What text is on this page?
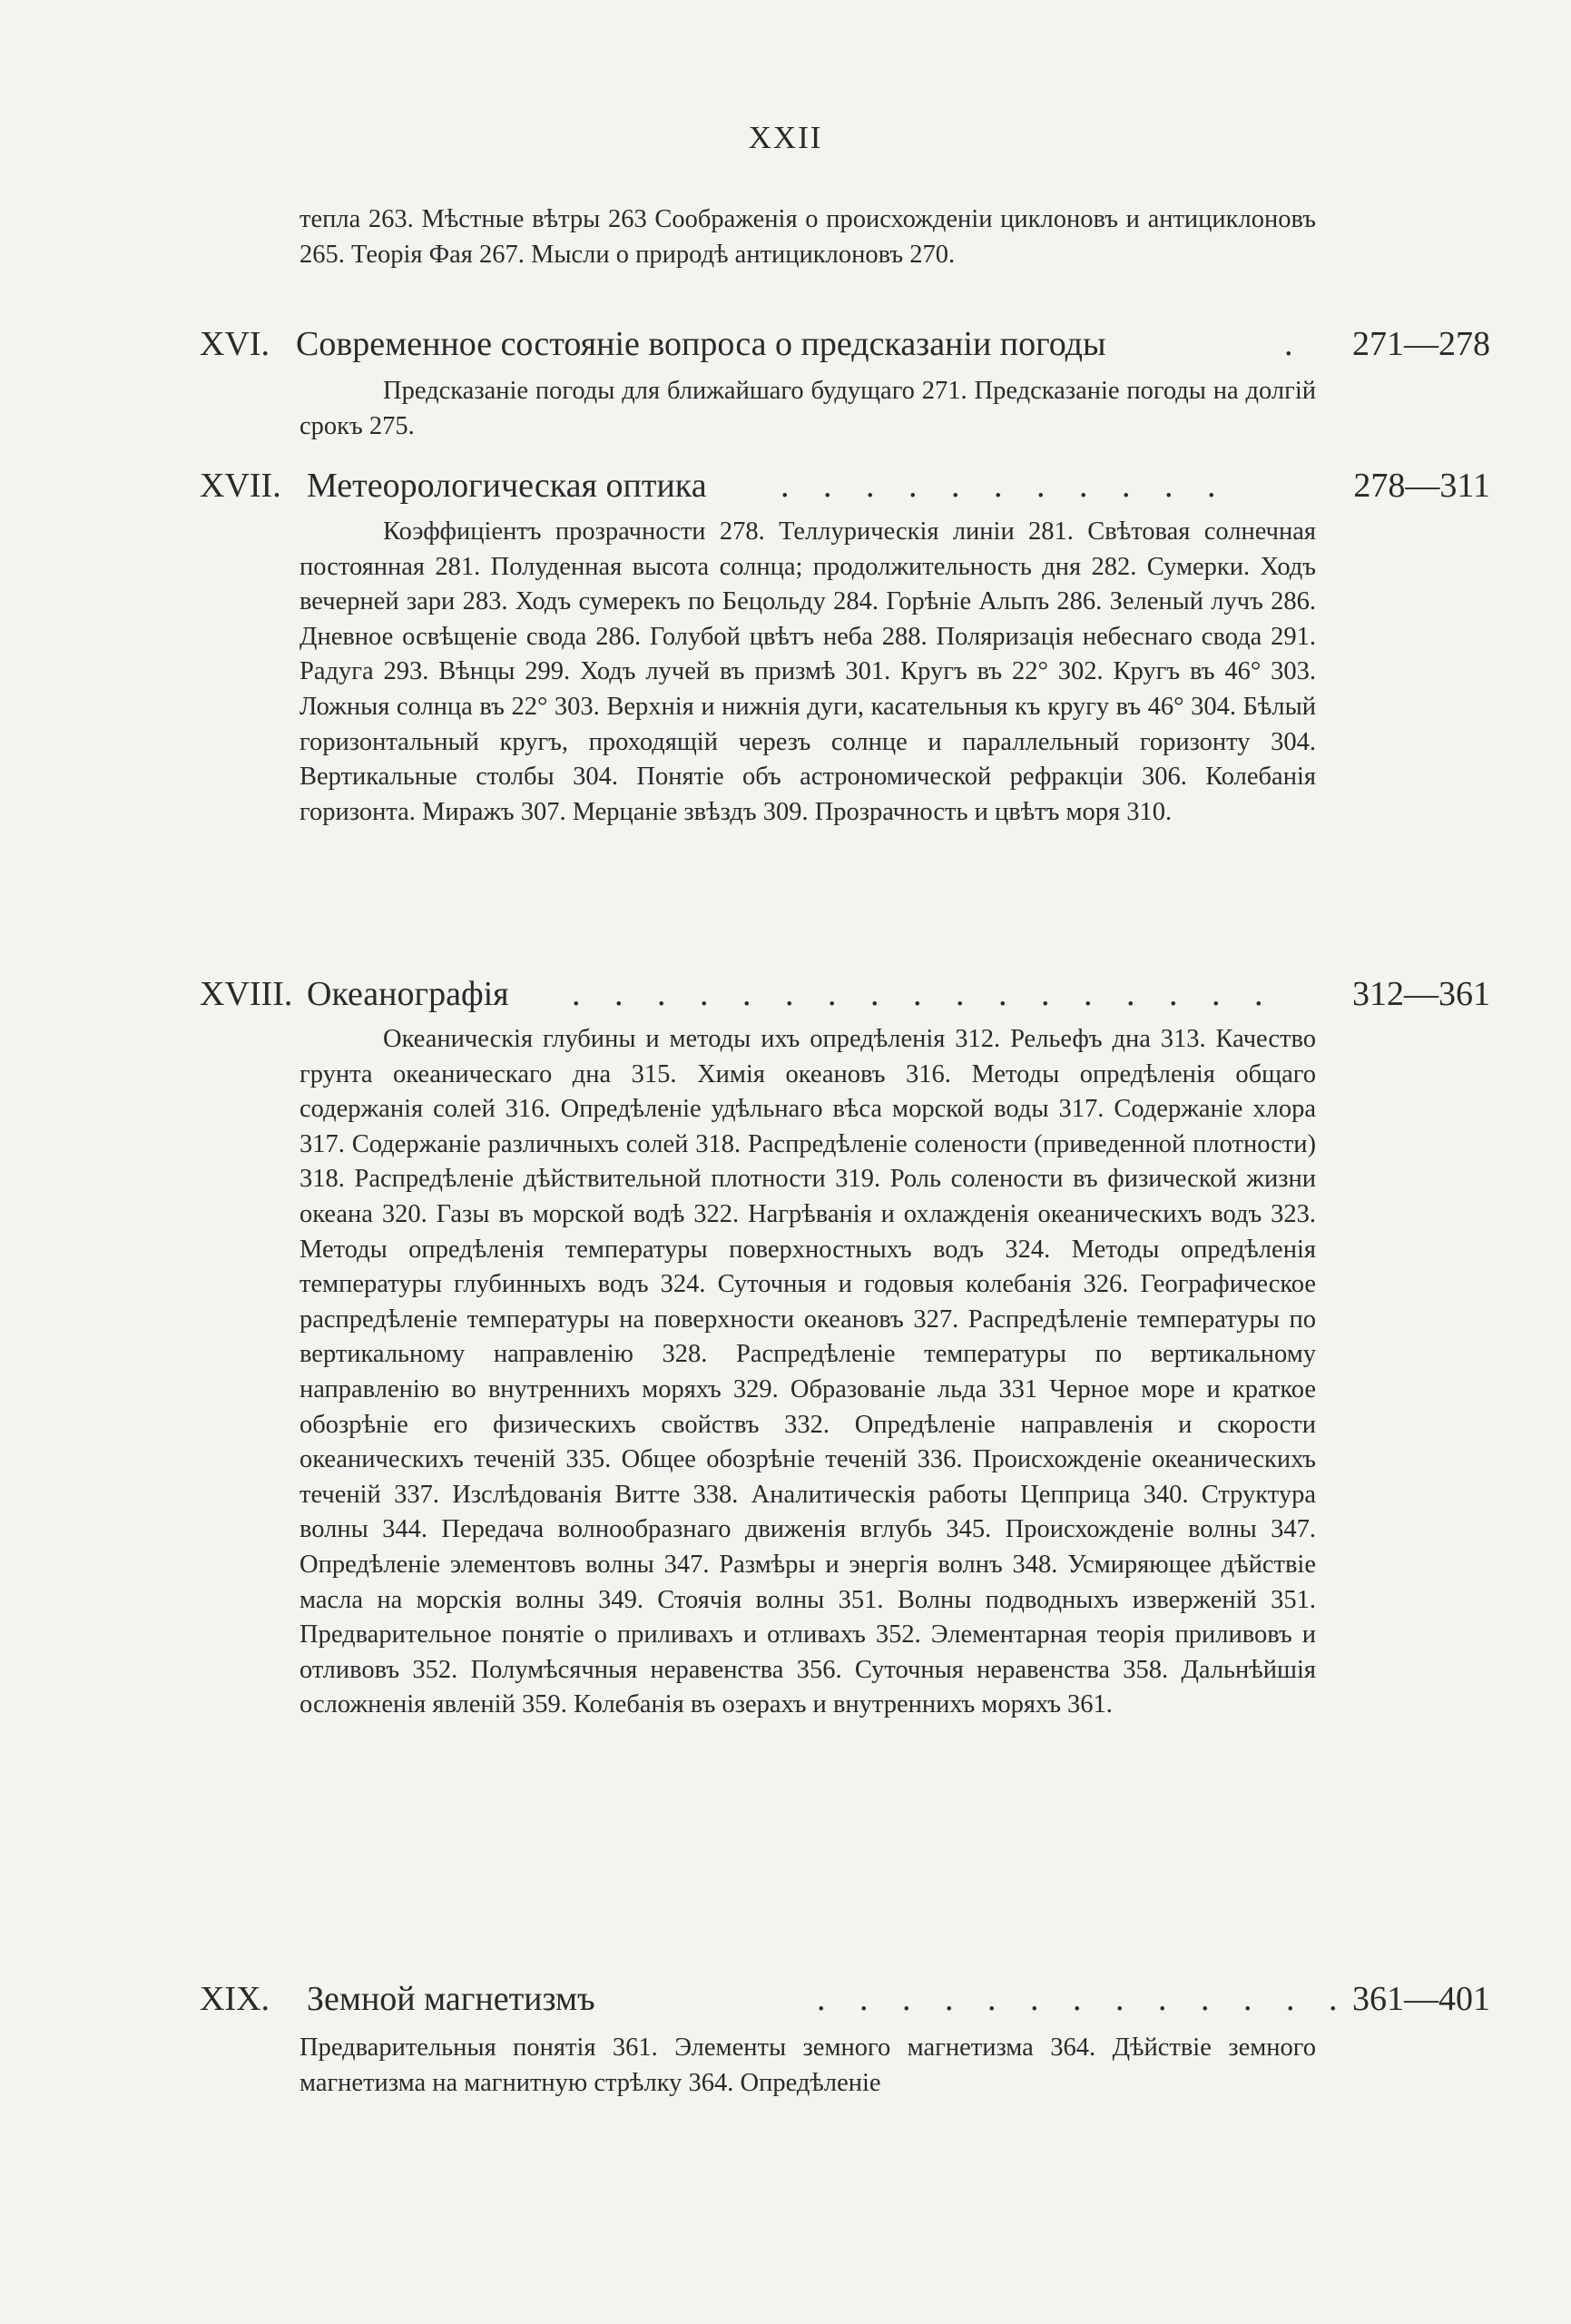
XXII
тепла 263. Мѣстные вѣтры 263 Соображенія о происхожденіи циклоновъ и антициклоновъ 265. Теорія Фая 267. Мысли о природѣ антициклоновъ 270.
XVI. Современное состояніе вопроса о предсказаніи погоды	. 271—278
Предсказаніе погоды для ближайшаго будущаго 271. Предсказаніе погоды на долгій срокъ 275.
XVII. Метеорологическая оптика . . . . . . . . . . .	278—311
Коэффиціентъ прозрачности 278. Теллурическія линіи 281. Свѣтовая солнечная постоянная 281. Полуденная высота солнца; продолжительность дня 282. Сумерки. Ходъ вечерней зари 283. Ходъ сумерекъ по Бецольду 284. Горѣніе Альпъ 286. Зеленый лучъ 286. Дневное освѣщеніе свода 286. Голубой цвѣтъ неба 288. Поляризація небеснаго свода 291. Радуга 293. Вѣнцы 299. Ходъ лучей въ призмѣ 301. Кругъ въ 22° 302. Кругъ въ 46° 303. Ложныя солнца въ 22° 303. Верхнія и нижнія дуги, касательныя къ кругу въ 46° 304. Бѣлый горизонтальный кругъ, проходящій черезъ солнце и параллельный горизонту 304. Вертикальные столбы 304. Понятіе объ астрономической рефракціи 306. Колебанія горизонта. Миражъ 307. Мерцаніе звѣздъ 309. Прозрачность и цвѣтъ моря 310.
XVIII. Океанографія . . . . . . . . . . . . . . . . .	312—361
Океаническія глубины и методы ихъ опредѣленія 312. Рельефъ дна 313. Качество грунта океаническаго дна 315. Химія океановъ 316. Методы опредѣленія общаго содержанія солей 316. Опредѣленіе удѣльнаго вѣса морской воды 317. Содержаніе хлора 317. Содержаніе различныхъ солей 318. Распредѣленіе солености (приведенной плотности) 318. Распредѣленіе дѣйствительной плотности 319. Роль солености въ физической жизни океана 320. Газы въ морской водѣ 322. Нагрѣванія и охлажденія океаническихъ водъ 323. Методы опредѣленія температуры поверхностныхъ водъ 324. Методы опредѣленія температуры глубинныхъ водъ 324. Суточныя и годовыя колебанія 326. Географическое распредѣленіе температуры на поверхности океановъ 327. Распредѣленіе температуры по вертикальному направленію 328. Распредѣленіе температуры по вертикальному направленію во внутреннихъ моряхъ 329. Образованіе льда 331 Черное море и краткое обозрѣніе его физическихъ свойствъ 332. Опредѣленіе направленія и скорости океаническихъ теченій 335. Общее обозрѣніе теченій 336. Происхожденіе океаническихъ теченій 337. Изслѣдованія Витте 338. Аналитическія работы Цепприца 340. Структура волны 344. Передача волнообразнаго движенія вглубь 345. Происхожденіе волны 347. Опредѣленіе элементовъ волны 347. Размѣры и энергія волнъ 348. Усмиряющее дѣйствіе масла на морскія волны 349. Стоячія волны 351. Волны подводныхъ изверженій 351. Предварительное понятіе о приливахъ и отливахъ 352. Элементарная теорія приливовъ и отливовъ 352. Полумѣсячныя неравенства 356. Суточныя неравенства 358. Дальнѣйшія осложненія явленій 359. Колебанія въ озерахъ и внутреннихъ моряхъ 361.
XIX. Земной магнетизмъ	. . . . . . . . . . . . . 361—401
Предварительныя понятія 361. Элементы земного магнетизма 364. Дѣйствіе земного магнетизма на магнитную стрѣлку 364. Опредѣленіе
